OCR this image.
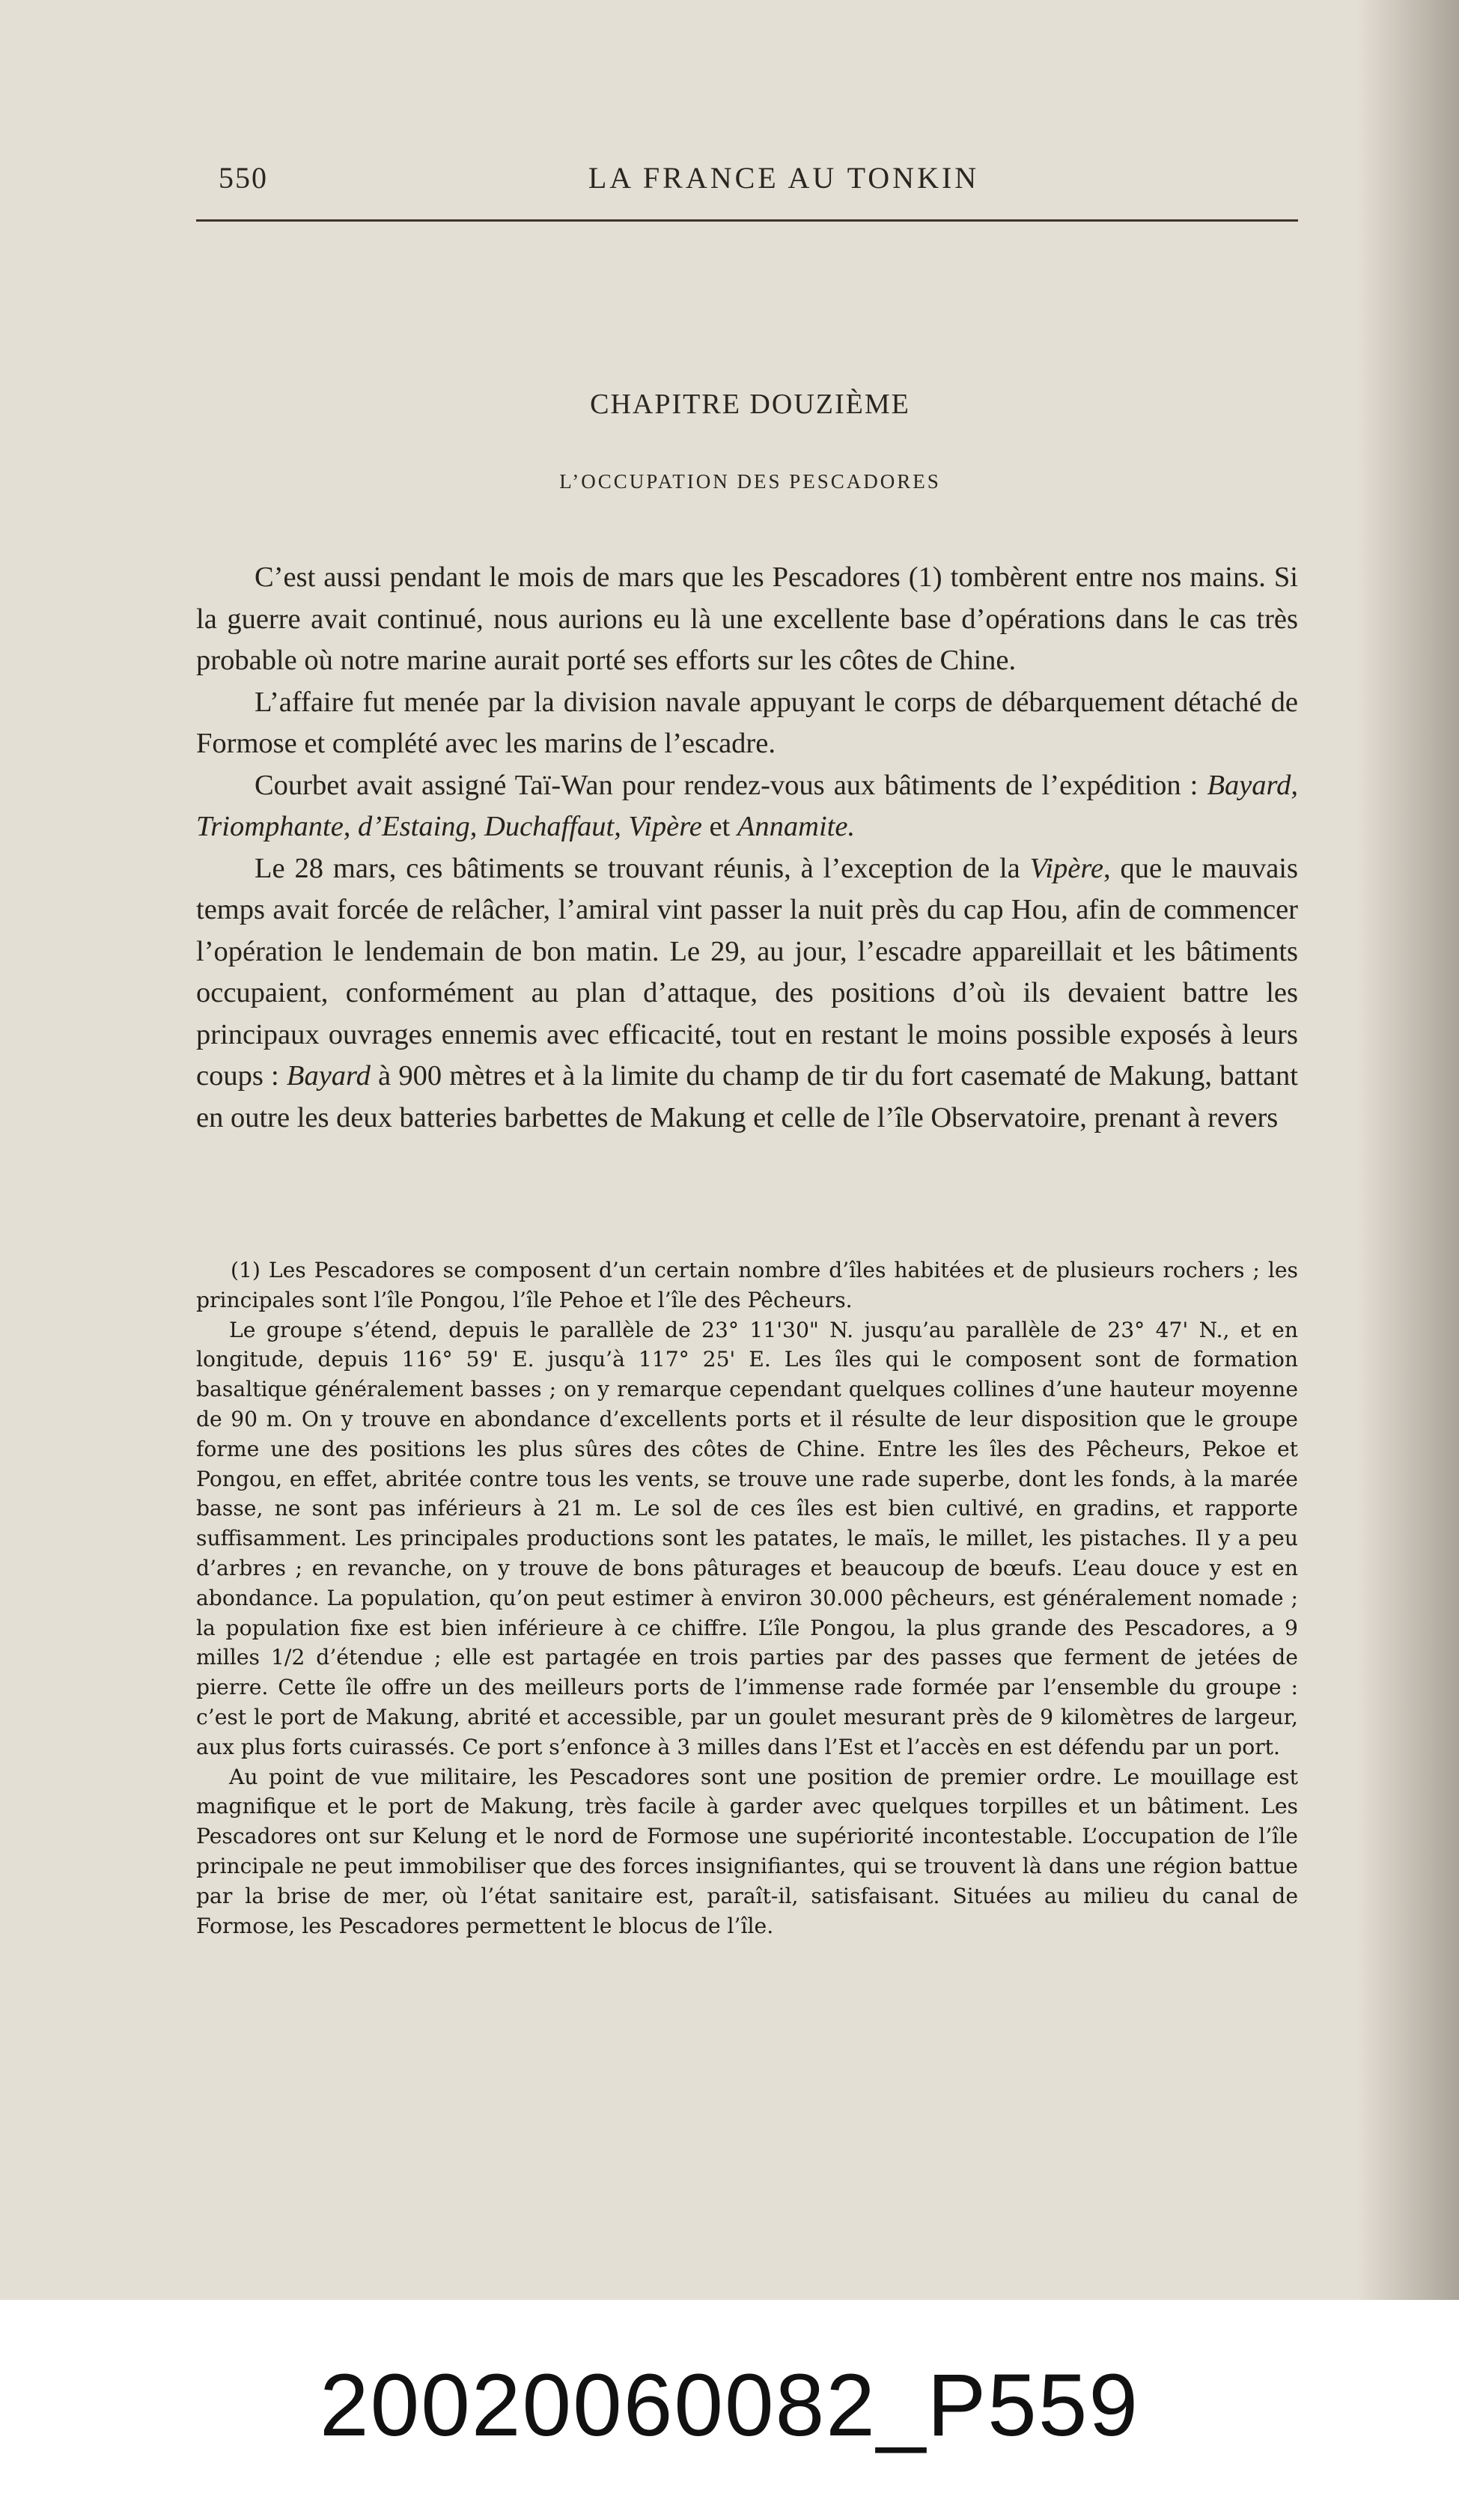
550	LA FRANCE AU TONKIN
CHAPITRE DOUZIÈME
L’OCCUPATION DES PESCADORES

C’est aussi pendant le mois de mars que les Pescadores (1) tombèrent entre nos mains. Si la guerre avait continué, nous aurions eu là une excellente base d’opérations dans le cas très probable où notre marine aurait porté ses efforts sur les côtes de Chine.

L’affaire fut menée par la division navale appuyant le corps de débarquement détaché de Formose et complété avec les marins de l’escadre.

Courbet avait assigné Taï-Wan pour rendez-vous aux bâtiments de l’expédition : Bayard, Triomphante, d’Estaing, Duchaffaut, Vipère et Annamite.

Le 28 mars, ces bâtiments se trouvant réunis, à l’exception de la Vipère, que le mauvais temps avait forcée de relâcher, l’amiral vint passer la nuit près du cap Hou, afin de commencer l’opération le lendemain de bon matin. Le 29, au jour, l’escadre appareillait et les bâtiments occupaient, conformément au plan d’attaque, des positions d’où ils devaient battre les principaux ouvrages ennemis avec efficacité, tout en restant le moins possible exposés à leurs coups : Bayard à 900 mètres et à la limite du champ de tir du fort casematé de Makung, battant en outre les deux batteries barbettes de Makung et celle de l’île Observatoire, prenant à revers

(1) Les Pescadores se composent d’un certain nombre d’îles habitées et de plusieurs rochers ; les principales sont l’île Pongou, l’île Pehoe et l’île des Pêcheurs.

Le groupe s’étend, depuis le parallèle de 23° 11'30" N. jusqu’au parallèle de 23° 47' N., et en longitude, depuis 116° 59' E. jusqu’à 117° 25' E. Les îles qui le composent sont de formation basaltique généralement basses ; on y remarque cependant quelques collines d’une hauteur moyenne de 90 m. On y trouve en abondance d’excellents ports et il résulte de leur disposition que le groupe forme une des positions les plus sûres des côtes de Chine. Entre les îles des Pêcheurs, Pekoe et Pongou, en effet, abritée contre tous les vents, se trouve une rade superbe, dont les fonds, à la marée basse, ne sont pas inférieurs à 21 m. Le sol de ces îles est bien cultivé, en gradins, et rapporte suffisamment. Les principales productions sont les patates, le maïs, le millet, les pistaches. Il y a peu d’arbres ; en revanche, on y trouve de bons pâturages et beaucoup de bœufs. L’eau douce y est en abondance. La population, qu’on peut estimer à environ 30.000 pêcheurs, est généralement nomade ; la population fixe est bien inférieure à ce chiffre. L’île Pongou, la plus grande des Pescadores, a 9 milles 1/2 d’étendue ; elle est partagée en trois parties par des passes que ferment de jetées de pierre. Cette île offre un des meilleurs ports de l’immense rade formée par l’ensemble du groupe : c’est le port de Makung, abrité et accessible, par un goulet mesurant près de 9 kilomètres de largeur, aux plus forts cuirassés. Ce port s’enfonce à 3 milles dans l’Est et l’accès en est défendu par un port.

Au point de vue militaire, les Pescadores sont une position de premier ordre. Le mouillage est magnifique et le port de Makung, très facile à garder avec quelques torpilles et un bâtiment. Les Pescadores ont sur Kelung et le nord de Formose une supériorité incontestable. L’occupation de l’île principale ne peut immobiliser que des forces insignifiantes, qui se trouvent là dans une région battue par la brise de mer, où l’état sanitaire est, paraît-il, satisfaisant. Situées au milieu du canal de Formose, les Pescadores permettent le blocus de l’île.

20020060082_P559
